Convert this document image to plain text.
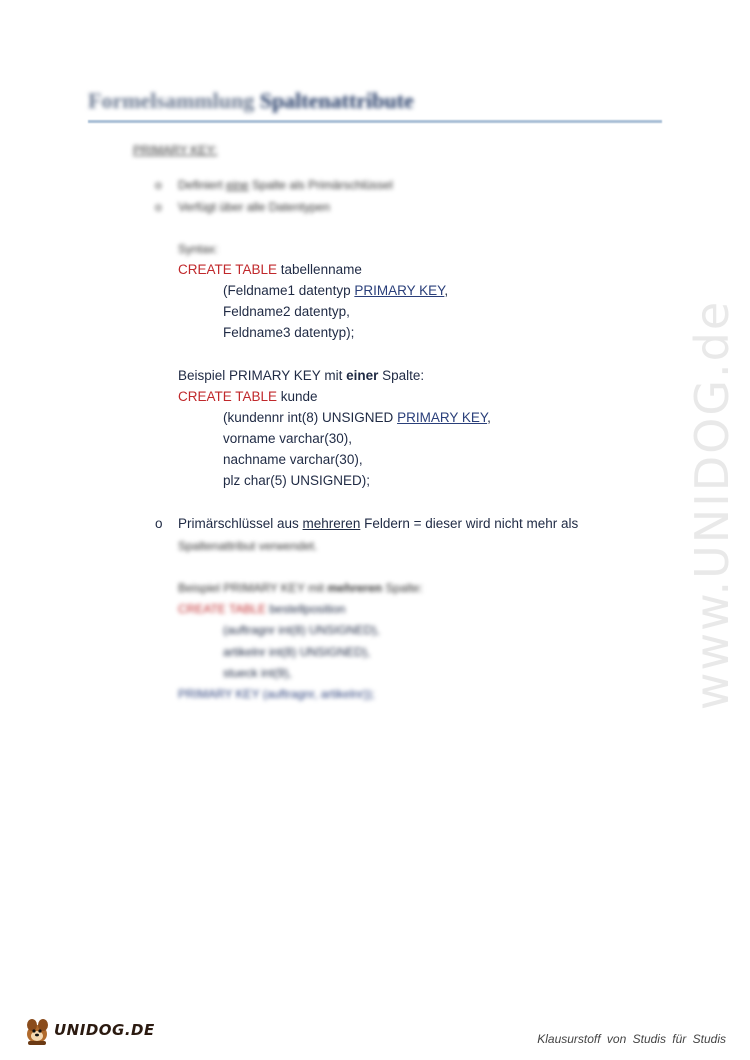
Formelsammlung Spaltenattribute
PRIMARY KEY:
o Definiert eine Spalte als Primärschlüssel
o Verfügt über alle Datentypen
Syntax:
CREATE TABLE tabellenname
(Feldname1 datentyp PRIMARY KEY,
Feldname2 datentyp,
Feldname3 datentyp);
Beispiel PRIMARY KEY mit einer Spalte:
CREATE TABLE kunde
(kundennr int(8) UNSIGNED PRIMARY KEY,
vorname varchar(30),
nachname varchar(30),
plz char(5) UNSIGNED);
o Primärschlüssel aus mehreren Feldern = dieser wird nicht mehr als
Spaltenattribut verwendet.
Beispiel PRIMARY KEY mit mehreren Spalte:
CREATE TABLE bestellposition
(auftragnr int(8) UNSIGNED),
artikelnr int(8) UNSIGNED),
stueck int(9),
PRIMARY KEY (auftragnr, artikelnr));	www.UNIDOG.de
UNIDOG.DE	Klausurstoff von Studis für Studis
